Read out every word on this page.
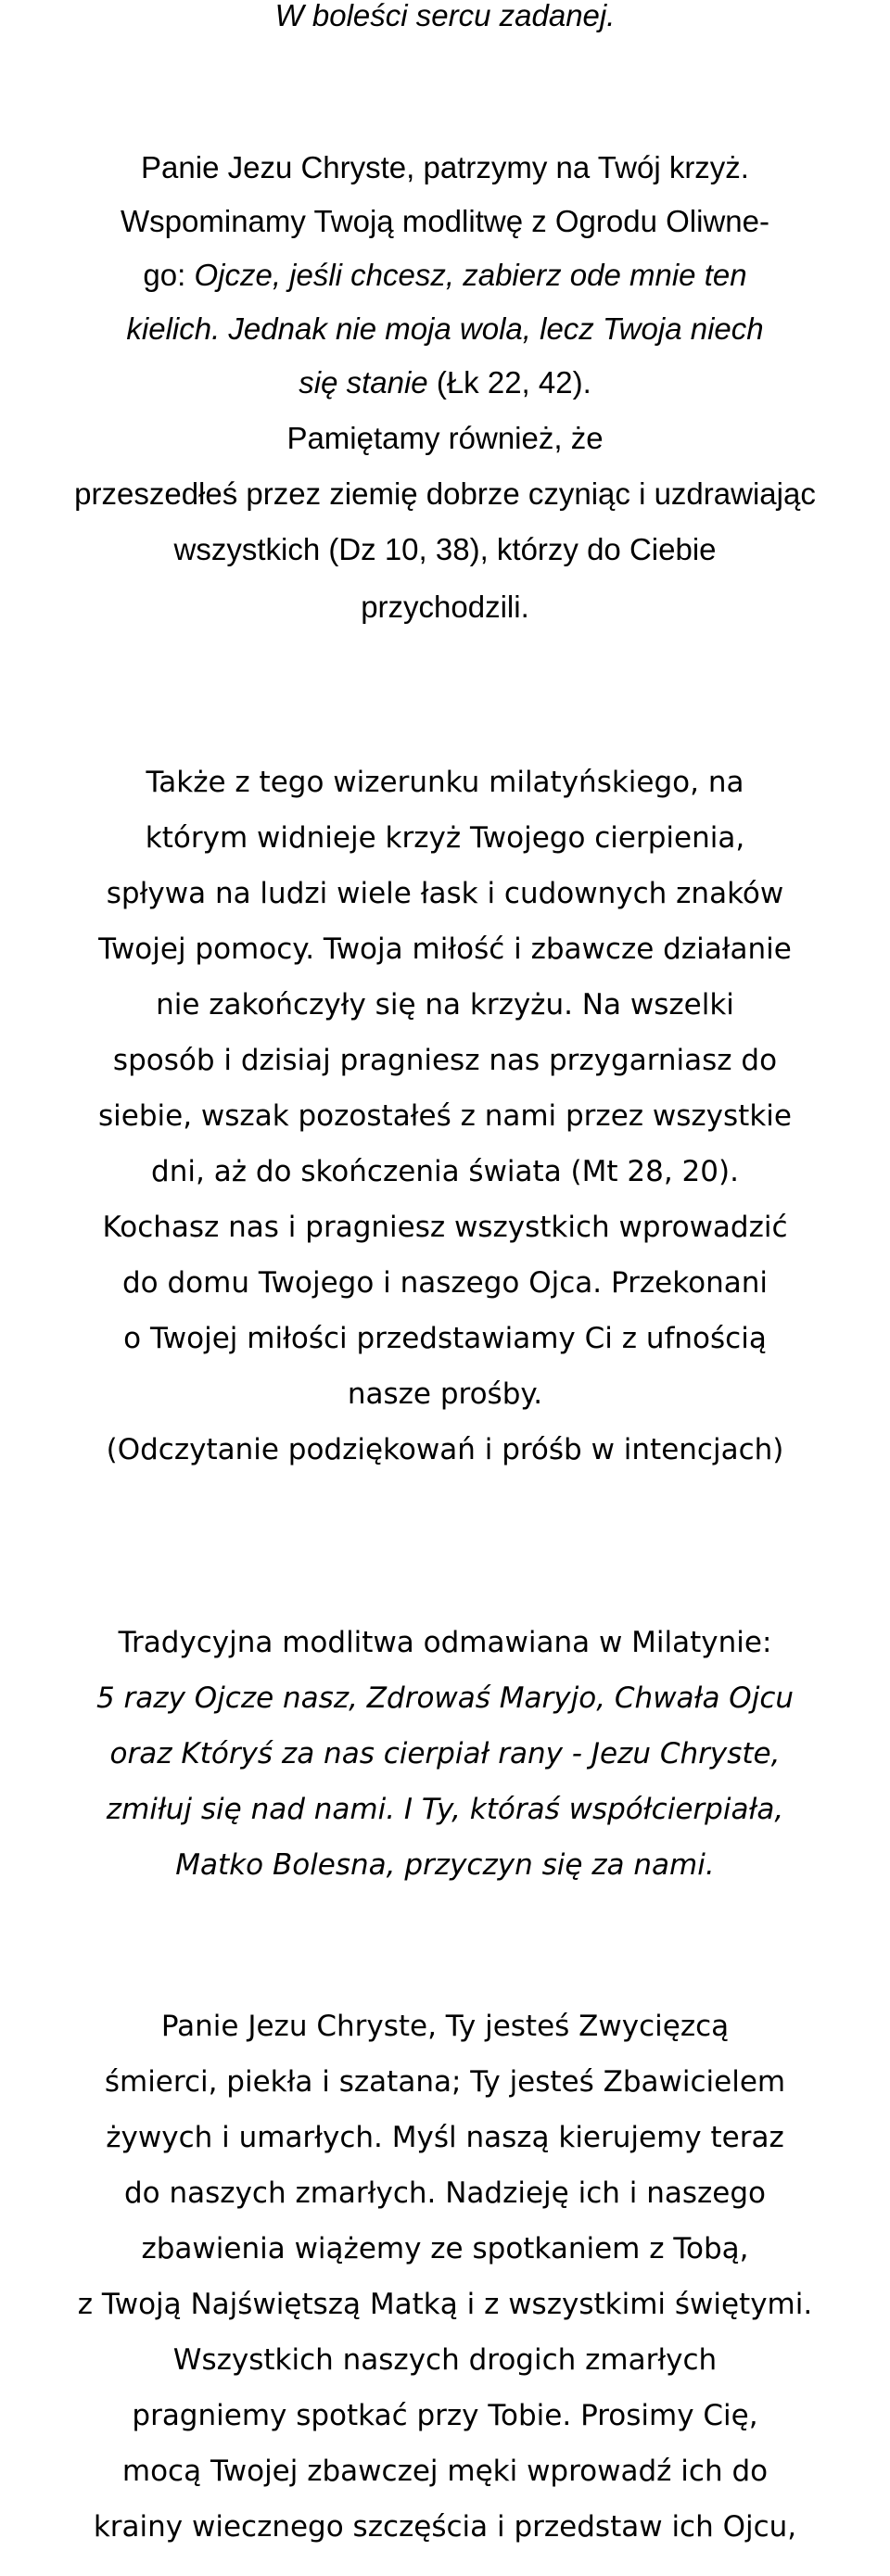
W boleści sercu zadanej.
Panie Jezu Chryste, patrzymy na Twój krzyż.
Wspominamy Twoją modlitwę z Ogrodu Oliwne-
go: Ojcze, jeśli chcesz, zabierz ode mnie ten
kielich. Jednak nie moja wola, lecz Twoja niech
się stanie (Łk 22, 42).
Pamiętamy również, że
przeszedłeś przez ziemię dobrze czyniąc i uzdrawiając
wszystkich (Dz 10, 38), którzy do Ciebie
przychodzili.
Także z tego wizerunku milatyńskiego, na
którym widnieje krzyż Twojego cierpienia,
spływa na ludzi wiele łask i cudownych znaków
Twojej pomocy. Twoja miłość i zbawcze działanie
nie zakończyły się na krzyżu. Na wszelki
sposób i dzisiaj pragniesz nas przygarniasz do
siebie, wszak pozostałeś z nami przez wszystkie
dni, aż do skończenia świata (Mt 28, 20).
Kochasz nas i pragniesz wszystkich wprowadzić
do domu Twojego i naszego Ojca. Przekonani
o Twojej miłości przedstawiamy Ci z ufnością
nasze prośby.
(Odczytanie podziękowań i próśb w intencjach)
Tradycyjna modlitwa odmawiana w Milatynie:
5 razy Ojcze nasz, Zdrowaś Maryjo, Chwała Ojcu
oraz Któryś za nas cierpiał rany - Jezu Chryste,
zmiłuj się nad nami. I Ty, któraś współcierpiała,
Matko Bolesna, przyczyn się za nami.
Panie Jezu Chryste, Ty jesteś Zwycięzcą
śmierci, piekła i szatana; Ty jesteś Zbawicielem
żywych i umarłych. Myśl naszą kierujemy teraz
do naszych zmarłych. Nadzieję ich i naszego
zbawienia wiążemy ze spotkaniem z Tobą,
z Twoją Najświętszą Matką i z wszystkimi świętymi.
Wszystkich naszych drogich zmarłych
pragniemy spotkać przy Tobie. Prosimy Cię,
mocą Twojej zbawczej męki wprowadź ich do
krainy wiecznego szczęścia i przedstaw ich Ojcu,
